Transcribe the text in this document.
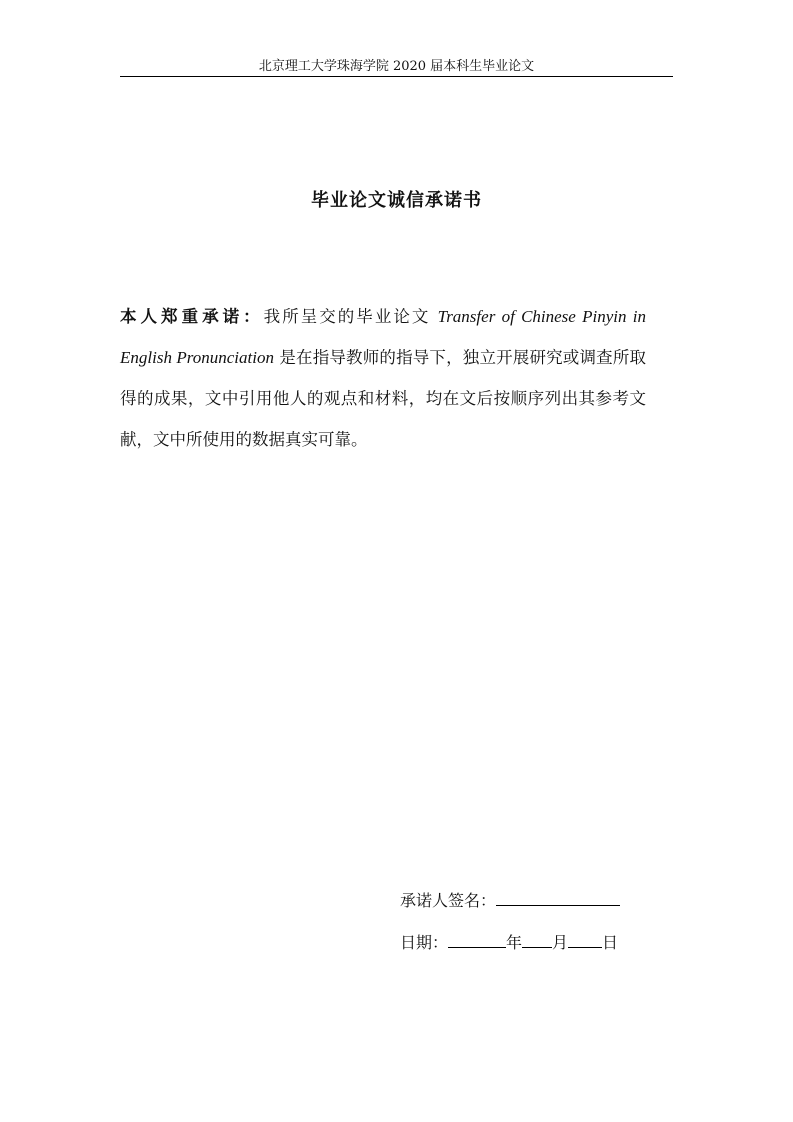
北京理工大学珠海学院 2020 届本科生毕业论文
毕业论文诚信承诺书

本人郑重承诺：我所呈交的毕业论文 Transfer of Chinese Pinyin in English Pronunciation 是在指导教师的指导下，独立开展研究或调查所取得的成果，文中引用他人的观点和材料，均在文后按顺序列出其参考文献，文中所使用的数据真实可靠。

承诺人签名：
日期：	年 月 日
